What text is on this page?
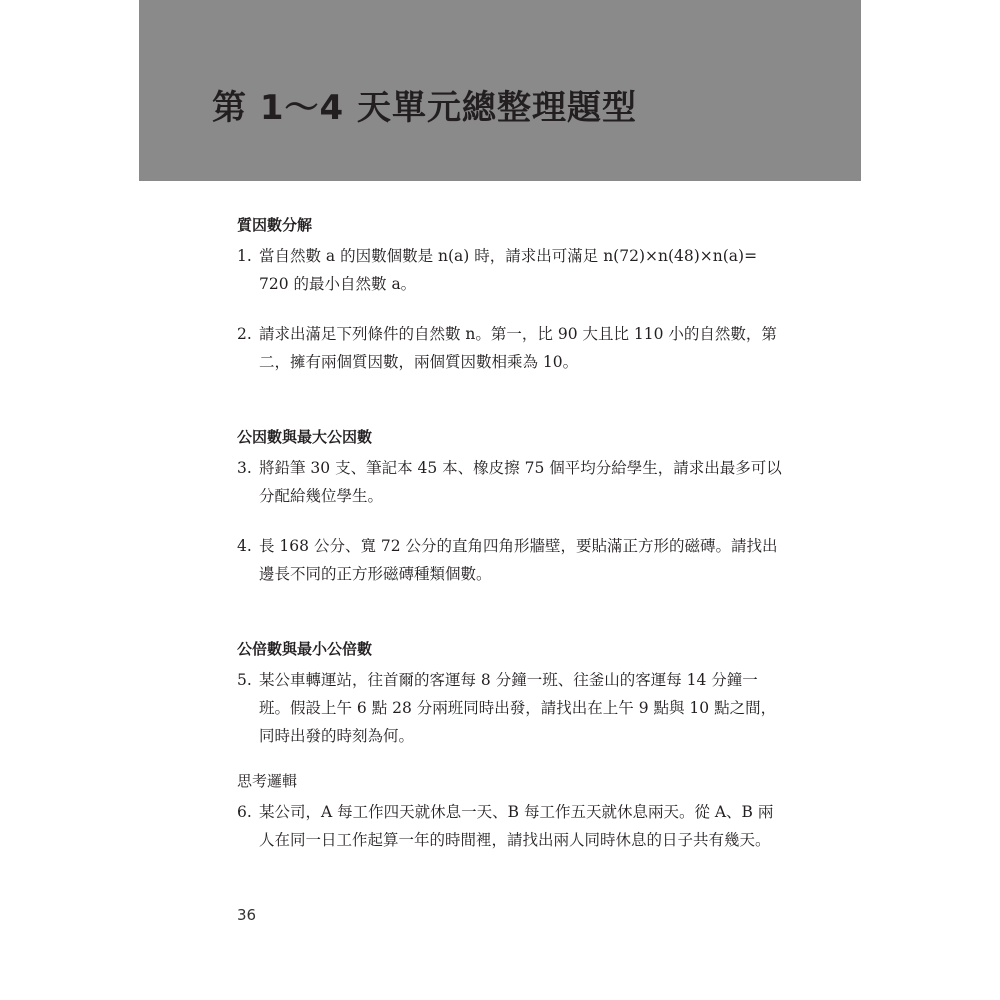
第 1～4 天單元總整理題型
質因數分解
1. 當自然數 a 的因數個數是 n(a) 時，請求出可滿足 n(72)×n(48)×n(a)= 720 的最小自然數 a。
2. 請求出滿足下列條件的自然數 n。第一，比 90 大且比 110 小的自然數，第二，擁有兩個質因數，兩個質因數相乘為 10。
公因數與最大公因數
3. 將鉛筆 30 支、筆記本 45 本、橡皮擦 75 個平均分給學生，請求出最多可以分配給幾位學生。
4. 長 168 公分、寬 72 公分的直角四角形牆壁，要貼滿正方形的磁磚。請找出邊長不同的正方形磁磚種類個數。
公倍數與最小公倍數
5. 某公車轉運站，往首爾的客運每 8 分鐘一班、往釜山的客運每 14 分鐘一班。假設上午 6 點 28 分兩班同時出發，請找出在上午 9 點與 10 點之間，同時出發的時刻為何。
思考邏輯
6. 某公司，A 每工作四天就休息一天、B 每工作五天就休息兩天。從 A、B 兩人在同一日工作起算一年的時間裡，請找出兩人同時休息的日子共有幾天。
36
